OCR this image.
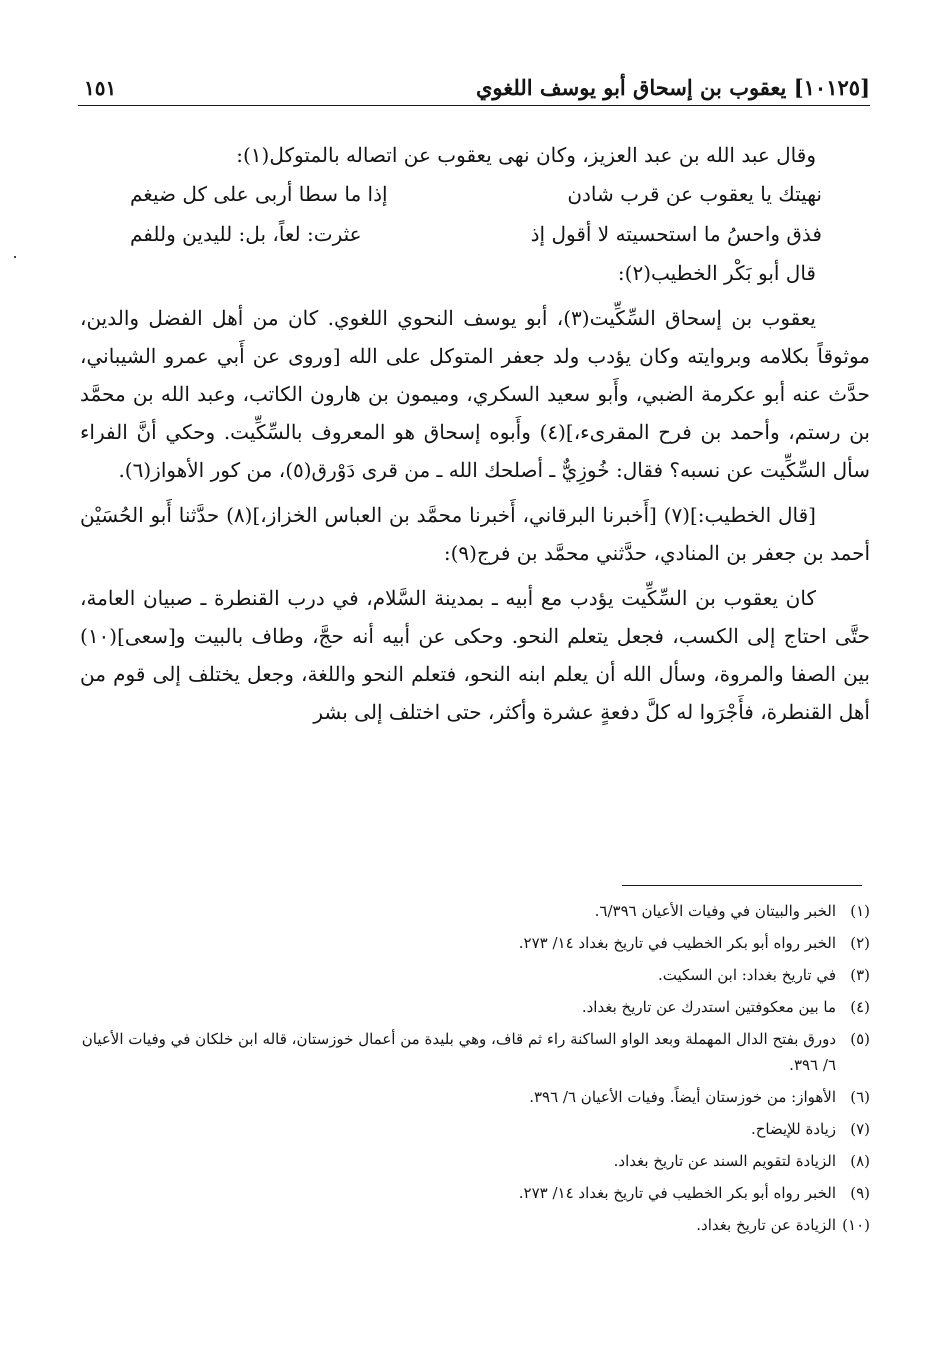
[١٠١٢٥] يعقوب بن إسحاق أبو يوسف اللغوي
١٥١

وقال عبد الله بن عبد العزيز، وكان نهى يعقوب عن اتصاله بالمتوكل(١):

نهيتك يا يعقوب عن قرب شادن
إذا ما سطا أربى على كل ضيغم
فذق واحسُ ما استحسيته لا أقول إذ
عثرت: لعاً، بل: لليدين وللفم

قال أبو بَكْر الخطيب(٢):

يعقوب بن إسحاق السِّكِّيت(٣)، أبو يوسف النحوي اللغوي. كان من أهل الفضل والدين، موثوقاً بكلامه وبروايته وكان يؤدب ولد جعفر المتوكل على الله [وروى عن أَبي عمرو الشيباني، حدَّث عنه أبو عكرمة الضبي، وأَبو سعيد السكري، وميمون بن هارون الكاتب، وعبد الله بن محمَّد بن رستم، وأحمد بن فرح المقرىء،](٤) وأَبوه إسحاق هو المعروف بالسِّكِّيت. وحكي أنَّ الفراء سأل السِّكِّيت عن نسبه؟ فقال: خُوزِيٌّ ـ أصلحك الله ـ من قرى دَوْرق(٥)، من كور الأهواز(٦).

[قال الخطيب:](٧) [أَخبرنا البرقاني، أَخبرنا محمَّد بن العباس الخزاز،](٨) حدَّثنا أَبو الحُسَيْن أحمد بن جعفر بن المنادي، حدَّثني محمَّد بن فرج(٩):

كان يعقوب بن السِّكِّيت يؤدب مع أبيه ـ بمدينة السَّلام، في درب القنطرة ـ صبيان العامة، حتَّى احتاج إلى الكسب، فجعل يتعلم النحو. وحكى عن أبيه أنه حجَّ، وطاف بالبيت و[سعى](١٠) بين الصفا والمروة، وسأل الله أن يعلم ابنه النحو، فتعلم النحو واللغة، وجعل يختلف إلى قوم من أهل القنطرة، فأَجْرَوا له كلَّ دفعةٍ عشرة وأكثر، حتى اختلف إلى بشر

(١)
الخبر والبيتان في وفيات الأعيان ٦/٣٩٦.
(٢)
الخبر رواه أبو بكر الخطيب في تاريخ بغداد ١٤/ ٢٧٣.
(٣)
في تاريخ بغداد: ابن السكيت.
(٤)
ما بين معكوفتين استدرك عن تاريخ بغداد.
(٥)
دورق بفتح الدال المهملة وبعد الواو الساكنة راء ثم قاف، وهي بليدة من أعمال خوزستان، قاله ابن خلكان في وفيات الأعيان ٦/ ٣٩٦.
(٦)
الأهواز: من خوزستان أيضاً. وفيات الأعيان ٦/ ٣٩٦.
(٧)
زيادة للإيضاح.
(٨)
الزيادة لتقويم السند عن تاريخ بغداد.
(٩)
الخبر رواه أبو بكر الخطيب في تاريخ بغداد ١٤/ ٢٧٣.
(١٠)
الزيادة عن تاريخ بغداد.
